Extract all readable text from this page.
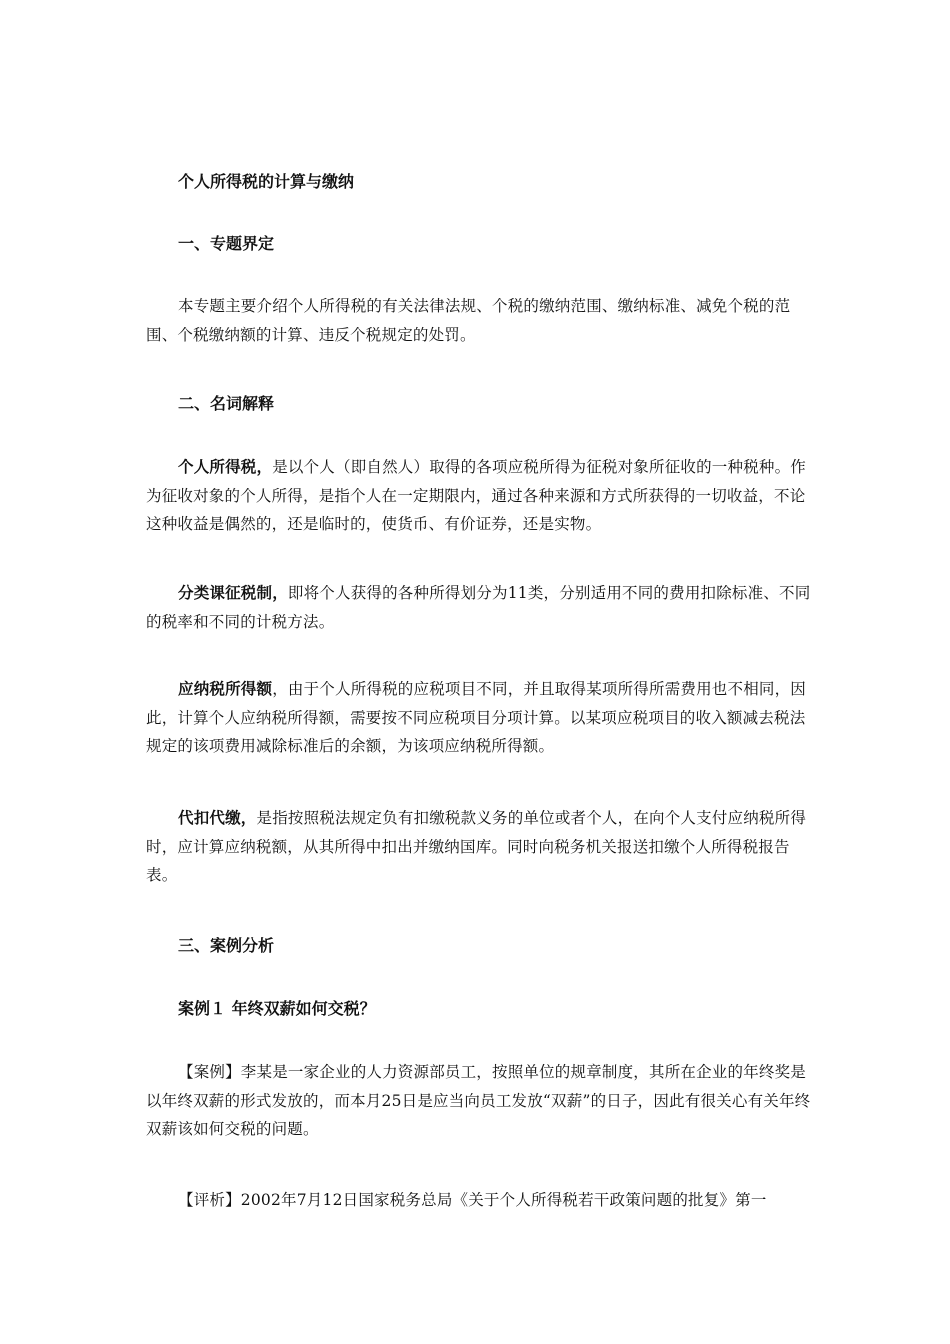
个人所得税的计算与缴纳
一、专题界定
本专题主要介绍个人所得税的有关法律法规、个税的缴纳范围、缴纳标准、减免个税的范围、个税缴纳额的计算、违反个税规定的处罚。
二、名词解释
个人所得税，是以个人（即自然人）取得的各项应税所得为征税对象所征收的一种税种。作为征收对象的个人所得，是指个人在一定期限内，通过各种来源和方式所获得的一切收益，不论这种收益是偶然的，还是临时的，使货币、有价证券，还是实物。
分类课征税制，即将个人获得的各种所得划分为11类，分别适用不同的费用扣除标准、不同的税率和不同的计税方法。
应纳税所得额，由于个人所得税的应税项目不同，并且取得某项所得所需费用也不相同，因此，计算个人应纳税所得额，需要按不同应税项目分项计算。以某项应税项目的收入额减去税法规定的该项费用减除标准后的余额，为该项应纳税所得额。
代扣代缴，是指按照税法规定负有扣缴税款义务的单位或者个人，在向个人支付应纳税所得时，应计算应纳税额，从其所得中扣出并缴纳国库。同时向税务机关报送扣缴个人所得税报告表。
三、案例分析
案例１ 年终双薪如何交税？
【案例】李某是一家企业的人力资源部员工，按照单位的规章制度，其所在企业的年终奖是以年终双薪的形式发放的，而本月25日是应当向员工发放“双薪”的日子，因此有很关心有关年终双薪该如何交税的问题。
【评析】2002年7月12日国家税务总局《关于个人所得税若干政策问题的批复》第一
